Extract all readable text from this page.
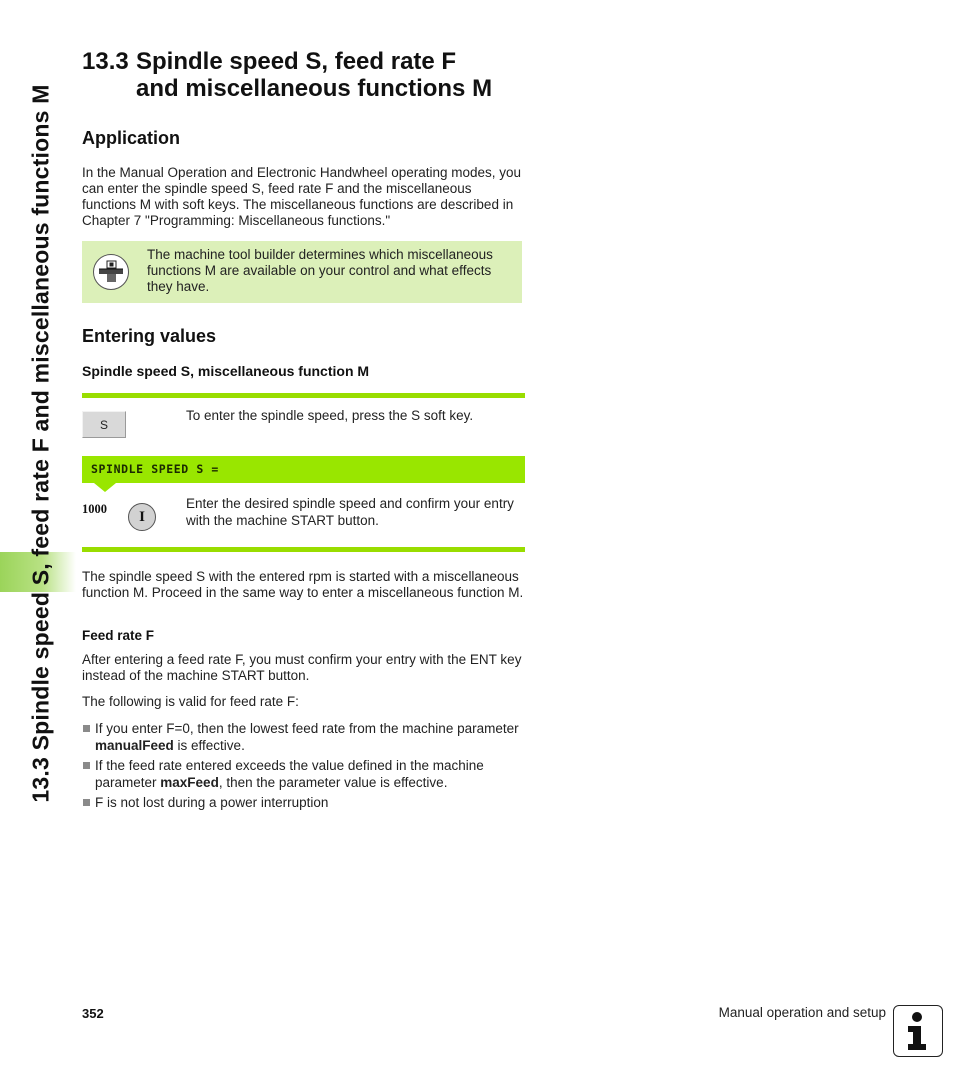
13.3 Spindle speed S, feed rate F and miscellaneous functions M
13.3 Spindle speed S, feed rate F
and miscellaneous functions M
Application

In the Manual Operation and Electronic Handwheel operating modes, you can enter the spindle speed S, feed rate F and the miscellaneous functions M with soft keys. The miscellaneous functions are described in Chapter 7 "Programming: Miscellaneous functions."

The machine tool builder determines which miscellaneous functions M are available on your control and what effects they have.
Entering values
Spindle speed S, miscellaneous function M
S
To enter the spindle speed, press the S soft key.
SPINDLE SPEED S =
1000	I
Enter the desired spindle speed and confirm your entry with the machine START button.

The spindle speed S with the entered rpm is started with a miscellaneous function M. Proceed in the same way to enter a miscellaneous function M.

Feed rate F

After entering a feed rate F, you must confirm your entry with the ENT key instead of the machine START button.

The following is valid for feed rate F:

If you enter F=0, then the lowest feed rate from the machine parameter manualFeed is effective.
If the feed rate entered exceeds the value defined in the machine parameter maxFeed, then the parameter value is effective.
F is not lost during a power interruption
352	Manual operation and setup
